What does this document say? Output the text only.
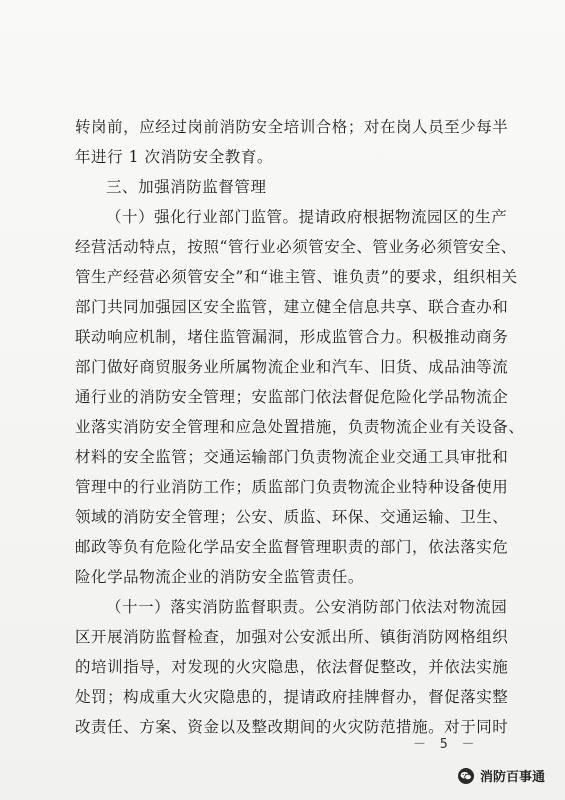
转岗前，应经过岗前消防安全培训合格；对在岗人员至少每半
年进行 1 次消防安全教育。
三、加强消防监督管理
（十）强化行业部门监管。提请政府根据物流园区的生产
经营活动特点，按照“管行业必须管安全、管业务必须管安全、
管生产经营必须管安全”和“谁主管、谁负责”的要求，组织相关
部门共同加强园区安全监管，建立健全信息共享、联合查办和
联动响应机制，堵住监管漏洞，形成监管合力。积极推动商务
部门做好商贸服务业所属物流企业和汽车、旧货、成品油等流
通行业的消防安全管理；安监部门依法督促危险化学品物流企
业落实消防安全管理和应急处置措施，负责物流企业有关设备、
材料的安全监管；交通运输部门负责物流企业交通工具审批和
管理中的行业消防工作；质监部门负责物流企业特种设备使用
领域的消防安全管理；公安、质监、环保、交通运输、卫生、
邮政等负有危险化学品安全监督管理职责的部门，依法落实危
险化学品物流企业的消防安全监管责任。
（十一）落实消防监督职责。公安消防部门依法对物流园
区开展消防监督检查，加强对公安派出所、镇街消防网格组织
的培训指导，对发现的火灾隐患，依法督促整改，并依法实施
处罚；构成重大火灾隐患的，提请政府挂牌督办，督促落实整
改责任、方案、资金以及整改期间的火灾防范措施。对于同时
－ 5 －
消防百事通
